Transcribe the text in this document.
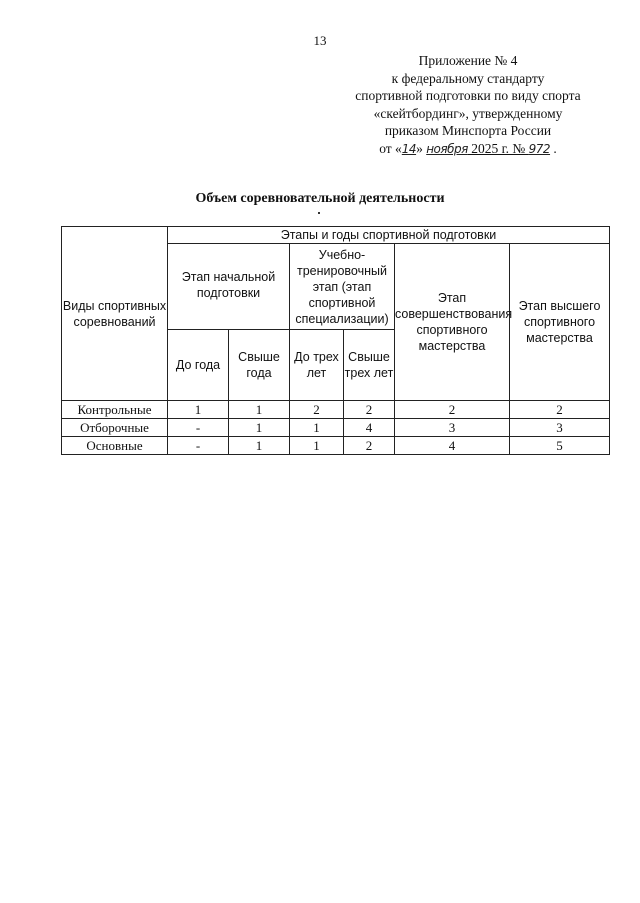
13
Приложение № 4
к федеральному стандарту
спортивной подготовки по виду спорта
«скейтбординг», утвержденному
приказом Минспорта России
от «14» ноября 2025 г. № 972 .
Объем соревновательной деятельности
Виды спортивных соревнований	Этапы и годы спортивной подготовки					
	Этап начальной подготовки		Учебно-тренировочный этап (этап спортивной специализации)		Этап совершенствования спортивного мастерства	Этап высшего спортивного мастерства
	До года	Свыше года	До трех лет	Свыше трех лет		
Контрольные	1	1	2	2	2	2
Отборочные	-	1	1	4	3	3
Основные	-	1	1	2	4	5
